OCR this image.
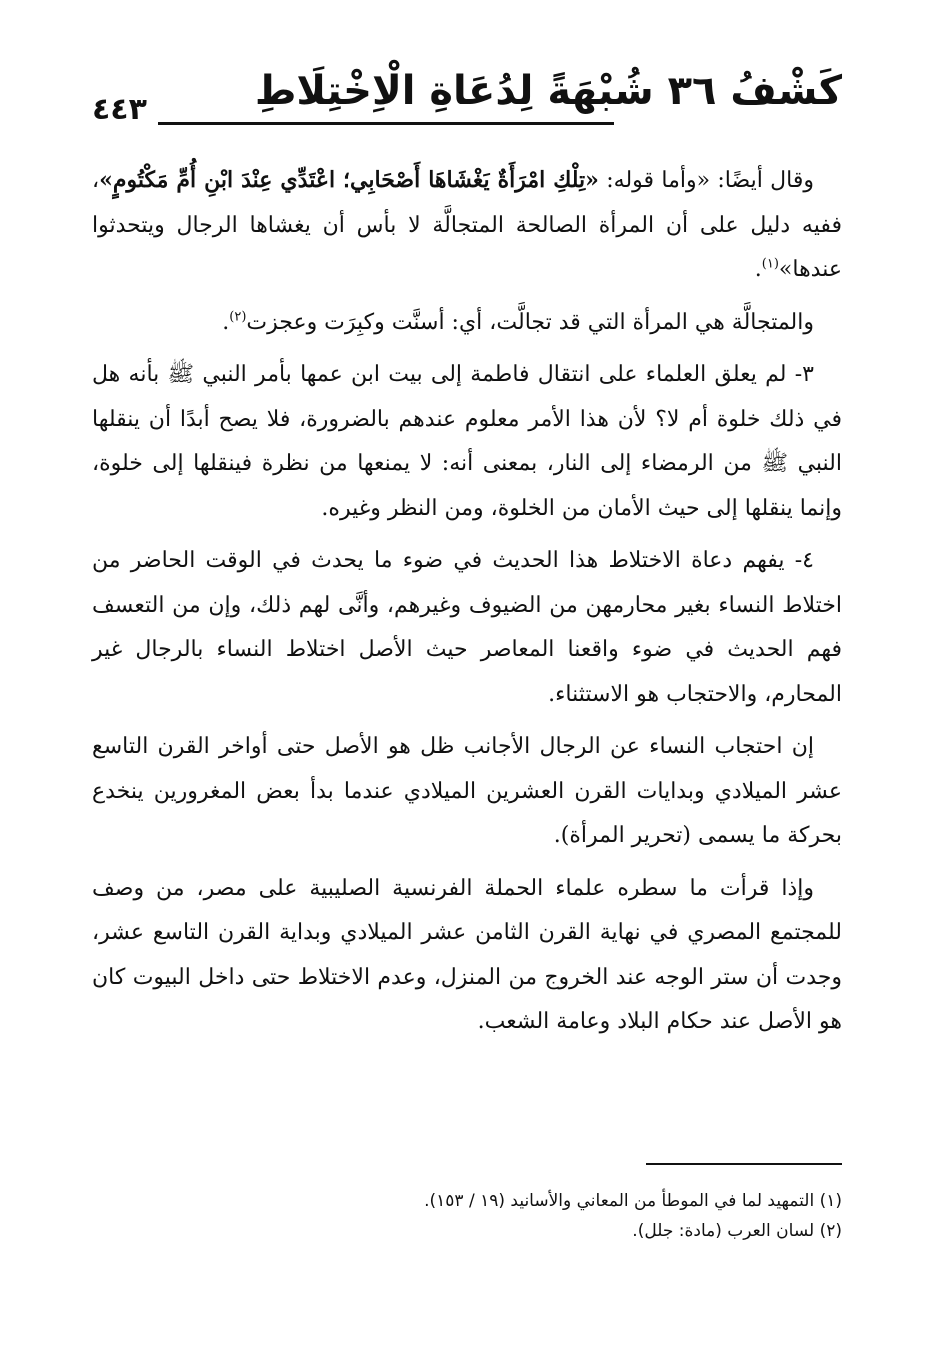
٤٤٣	كَشْفُ ٣٦ شُبْهَةً لِدُعَاةِ الْاِخْتِلَاطِ

وقال أيضًا: «وأما قوله: «تِلْكِ امْرَأَةٌ يَغْشَاهَا أَصْحَابِي؛ اعْتَدِّي عِنْدَ ابْنِ أُمِّ مَكْتُومٍ»، ففيه دليل على أن المرأة الصالحة المتجالَّة لا بأس أن يغشاها الرجال ويتحدثوا عندها»$^{(١)}$.

والمتجالَّة هي المرأة التي قد تجالَّت، أي: أسنَّت وكبِرَت وعجزت$^{(٢)}$.

٣- لم يعلق العلماء على انتقال فاطمة إلى بيت ابن عمها بأمر النبي ﷺ بأنه هل في ذلك خلوة أم لا؟ لأن هذا الأمر معلوم عندهم بالضرورة، فلا يصح أبدًا أن ينقلها النبي ﷺ من الرمضاء إلى النار، بمعنى أنه: لا يمنعها من نظرة فينقلها إلى خلوة، وإنما ينقلها إلى حيث الأمان من الخلوة، ومن النظر وغيره.

٤- يفهم دعاة الاختلاط هذا الحديث في ضوء ما يحدث في الوقت الحاضر من اختلاط النساء بغير محارمهن من الضيوف وغيرهم، وأنَّى لهم ذلك، وإن من التعسف فهم الحديث في ضوء واقعنا المعاصر حيث الأصل اختلاط النساء بالرجال غير المحارم، والاحتجاب هو الاستثناء.

إن احتجاب النساء عن الرجال الأجانب ظل هو الأصل حتى أواخر القرن التاسع عشر الميلادي وبدايات القرن العشرين الميلادي عندما بدأ بعض المغرورين ينخدع بحركة ما يسمى (تحرير المرأة).

وإذا قرأت ما سطره علماء الحملة الفرنسية الصليبية على مصر، من وصف للمجتمع المصري في نهاية القرن الثامن عشر الميلادي وبداية القرن التاسع عشر، وجدت أن ستر الوجه عند الخروج من المنزل، وعدم الاختلاط حتى داخل البيوت كان هو الأصل عند حكام البلاد وعامة الشعب.

(١) التمهيد لما في الموطأ من المعاني والأسانيد (١٩ / ١٥٣).
(٢) لسان العرب (مادة: جلل).
